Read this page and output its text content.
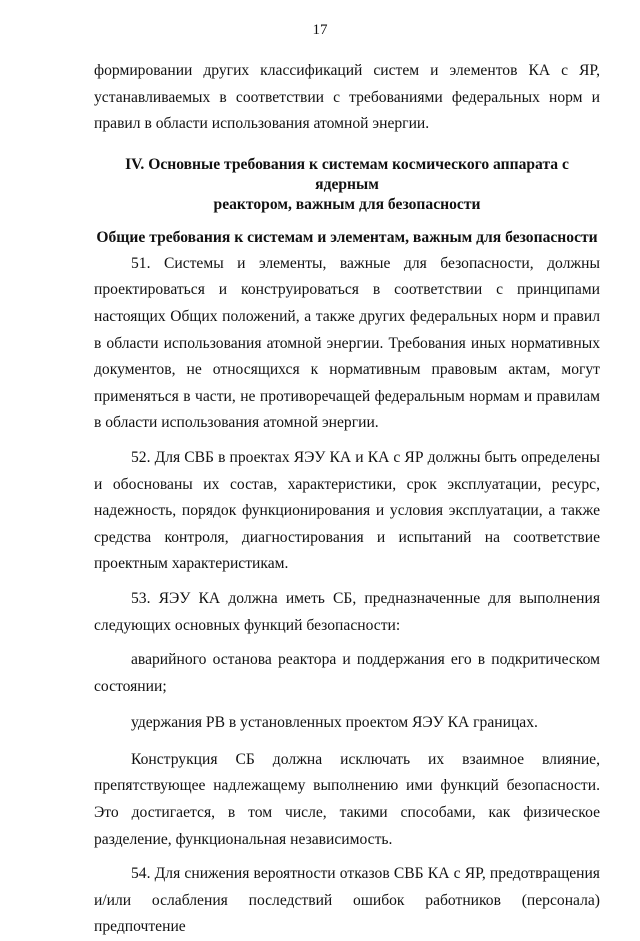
17

формировании других классификаций систем и элементов КА с ЯР, устанавливаемых в соответствии с требованиями федеральных норм и правил в области использования атомной энергии.

IV. Основные требования к системам космического аппарата с ядерным
реактором, важным для безопасности

Общие требования к системам и элементам, важным для безопасности

51. Системы и элементы, важные для безопасности, должны проектироваться и конструироваться в соответствии с принципами настоящих Общих положений, а также других федеральных норм и правил в области использования атомной энергии. Требования иных нормативных документов, не относящихся к нормативным правовым актам, могут применяться в части, не противоречащей федеральным нормам и правилам в области использования атомной энергии.

52. Для СВБ в проектах ЯЭУ КА и КА с ЯР должны быть определены и обоснованы их состав, характеристики, срок эксплуатации, ресурс, надежность, порядок функционирования и условия эксплуатации, а также средства контроля, диагностирования и испытаний на соответствие проектным характеристикам.

53. ЯЭУ КА должна иметь СБ, предназначенные для выполнения следующих основных функций безопасности:

аварийного останова реактора и поддержания его в подкритическом состоянии;

удержания РВ в установленных проектом ЯЭУ КА границах.

Конструкция СБ должна исключать их взаимное влияние, препятствующее надлежащему выполнению ими функций безопасности. Это достигается, в том числе, такими способами, как физическое разделение, функциональная независимость.

54. Для снижения вероятности отказов СВБ КА с ЯР, предотвращения и/или ослабления последствий ошибок работников (персонала) предпочтение
